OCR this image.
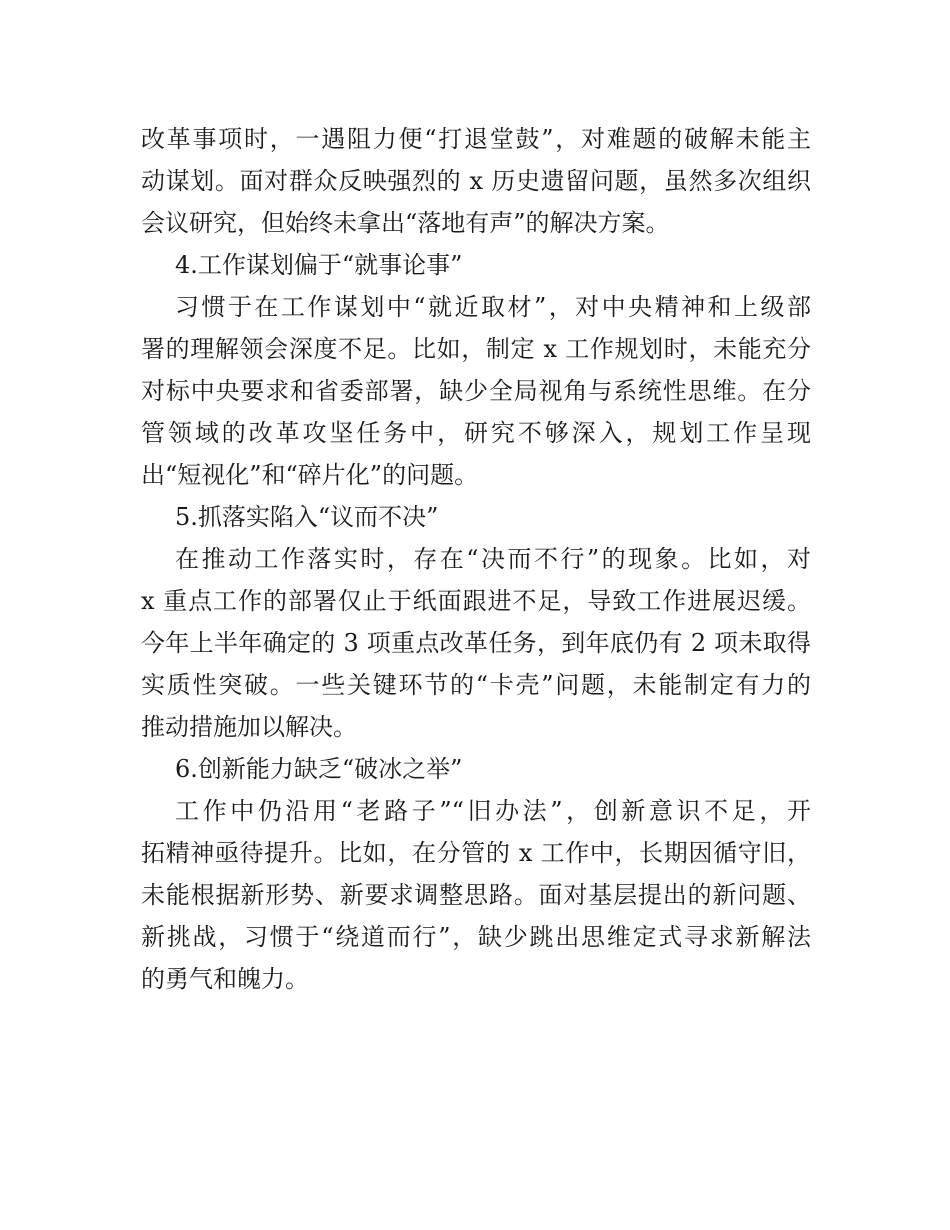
改革事项时，一遇阻力便“打退堂鼓”，对难题的破解未能主
动谋划。面对群众反映强烈的 x 历史遗留问题，虽然多次组织
会议研究，但始终未拿出“落地有声”的解决方案。
4.工作谋划偏于“就事论事”
习惯于在工作谋划中“就近取材”，对中央精神和上级部
署的理解领会深度不足。比如，制定 x 工作规划时，未能充分
对标中央要求和省委部署，缺少全局视角与系统性思维。在分
管领域的改革攻坚任务中，研究不够深入，规划工作呈现
出“短视化”和“碎片化”的问题。
5.抓落实陷入“议而不决”
在推动工作落实时，存在“决而不行”的现象。比如，对
x 重点工作的部署仅止于纸面跟进不足，导致工作进展迟缓。
今年上半年确定的 3 项重点改革任务，到年底仍有 2 项未取得
实质性突破。一些关键环节的“卡壳”问题，未能制定有力的
推动措施加以解决。
6.创新能力缺乏“破冰之举”
工作中仍沿用“老路子”“旧办法”，创新意识不足，开
拓精神亟待提升。比如，在分管的 x 工作中，长期因循守旧，
未能根据新形势、新要求调整思路。面对基层提出的新问题、
新挑战，习惯于“绕道而行”，缺少跳出思维定式寻求新解法
的勇气和魄力。
